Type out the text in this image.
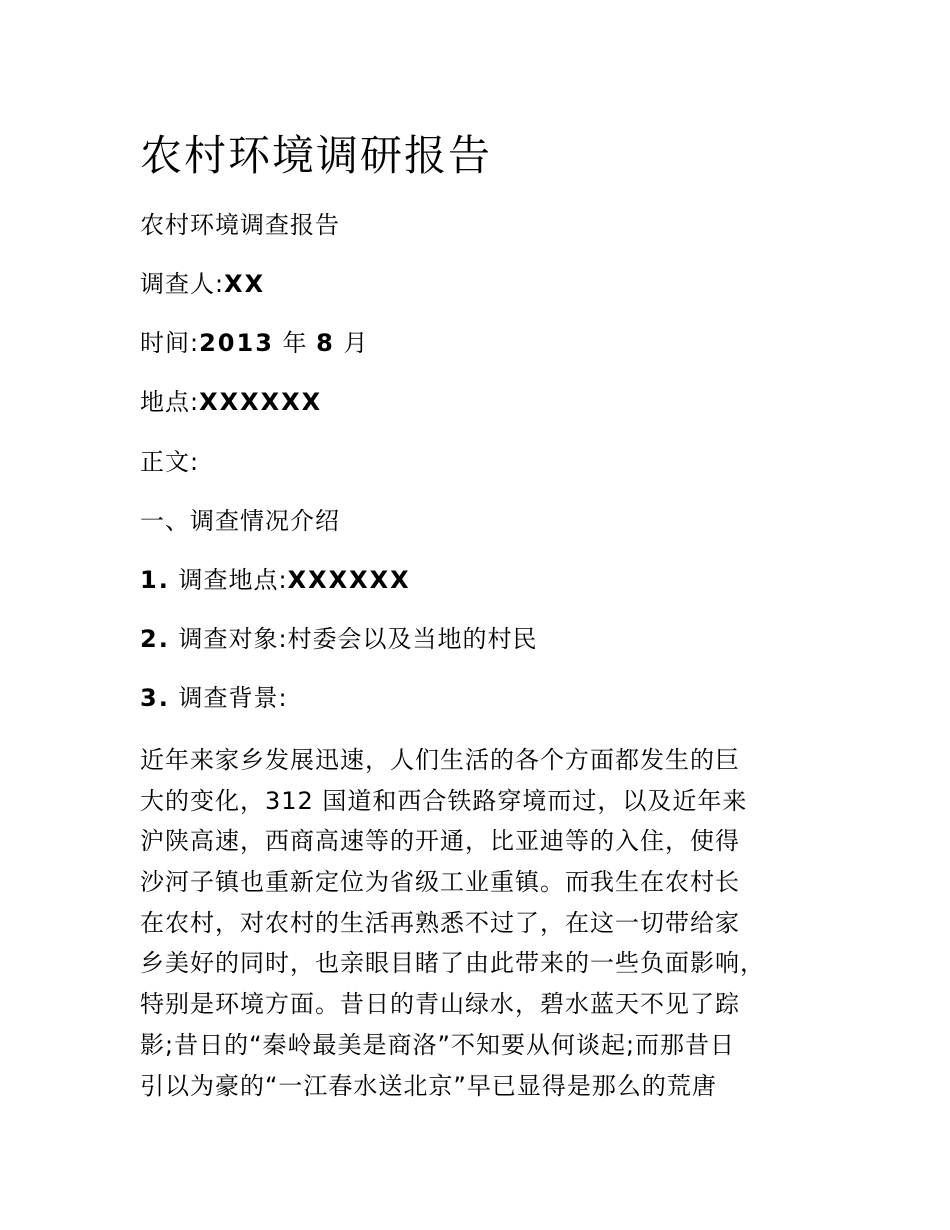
农村环境调研报告
农村环境调查报告
调查人:XX
时间:2013 年 8 月
地点:XXXXXX
正文:
一、调查情况介绍
1. 调查地点:XXXXXX
2. 调查对象:村委会以及当地的村民
3. 调查背景:
近年来家乡发展迅速，人们生活的各个方面都发生的巨
大的变化，312 国道和西合铁路穿境而过，以及近年来
沪陕高速，西商高速等的开通，比亚迪等的入住，使得
沙河子镇也重新定位为省级工业重镇。而我生在农村长
在农村，对农村的生活再熟悉不过了，在这一切带给家
乡美好的同时，也亲眼目睹了由此带来的一些负面影响，
特别是环境方面。昔日的青山绿水，碧水蓝天不见了踪
影;昔日的“秦岭最美是商洛”不知要从何谈起;而那昔日
引以为豪的“一江春水送北京”早已显得是那么的荒唐
